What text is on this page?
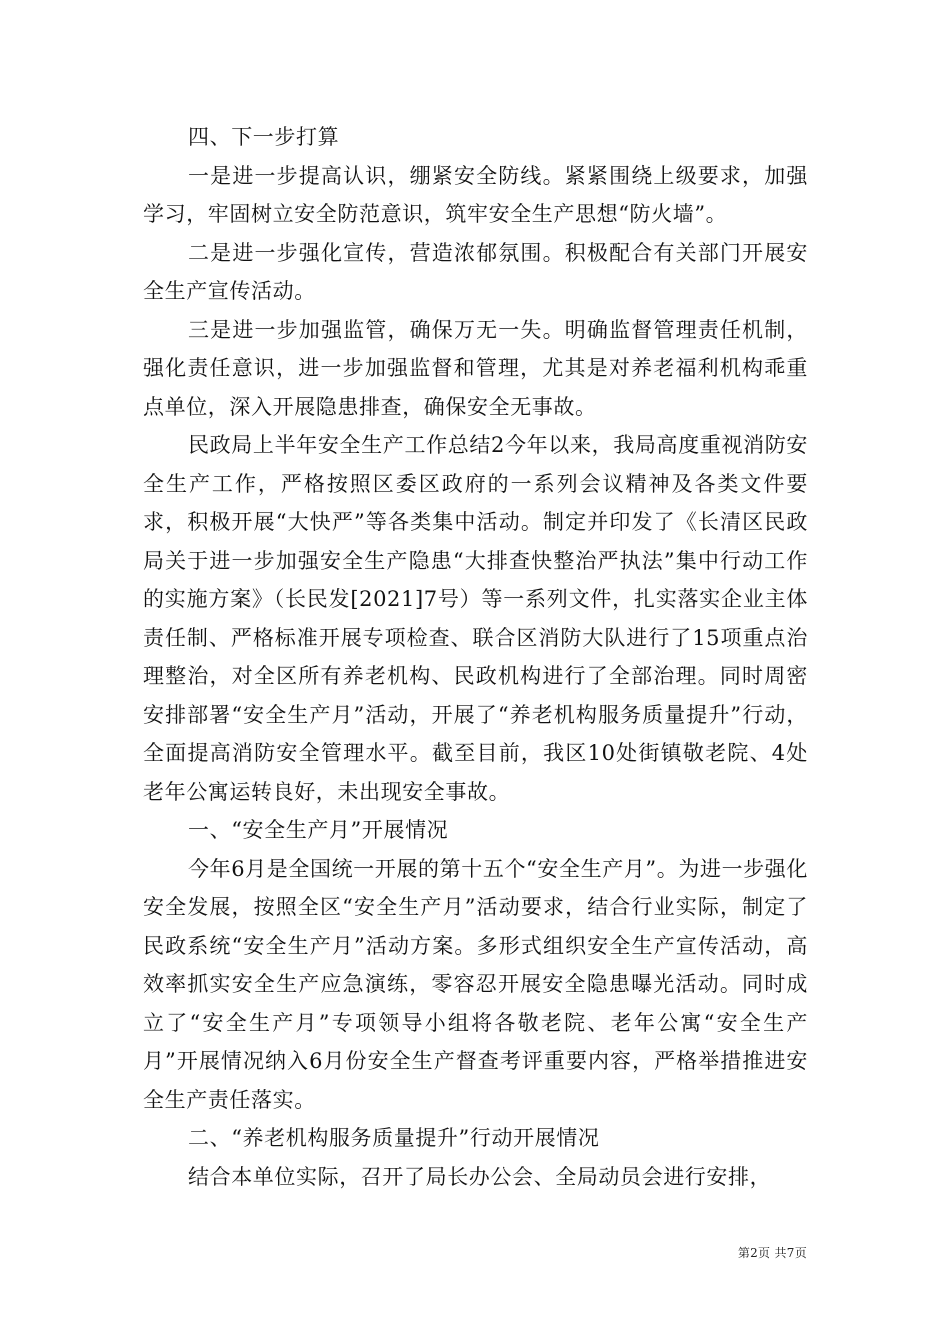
四、下一步打算

一是进一步提高认识，绷紧安全防线。紧紧围绕上级要求，加强学习，牢固树立安全防范意识，筑牢安全生产思想“防火墙”。

二是进一步强化宣传，营造浓郁氛围。积极配合有关部门开展安全生产宣传活动。

三是进一步加强监管，确保万无一失。明确监督管理责任机制，强化责任意识，进一步加强监督和管理，尤其是对养老福利机构乖重点单位，深入开展隐患排查，确保安全无事故。

民政局上半年安全生产工作总结2今年以来，我局高度重视消防安全生产工作，严格按照区委区政府的一系列会议精神及各类文件要求，积极开展“大快严”等各类集中活动。制定并印发了《长清区民政局关于进一步加强安全生产隐患“大排查快整治严执法”集中行动工作的实施方案》（长民发[2021]7号）等一系列文件，扎实落实企业主体责任制、严格标准开展专项检查、联合区消防大队进行了15项重点治理整治，对全区所有养老机构、民政机构进行了全部治理。同时周密安排部署“安全生产月”活动，开展了“养老机构服务质量提升”行动，全面提高消防安全管理水平。截至目前，我区10处街镇敬老院、4处老年公寓运转良好，未出现安全事故。

一、“安全生产月”开展情况

今年6月是全国统一开展的第十五个“安全生产月”。为进一步强化安全发展，按照全区“安全生产月”活动要求，结合行业实际，制定了民政系统“安全生产月”活动方案。多形式组织安全生产宣传活动，高效率抓实安全生产应急演练，零容忍开展安全隐患曝光活动。同时成立了“安全生产月”专项领导小组将各敬老院、老年公寓“安全生产月”开展情况纳入6月份安全生产督查考评重要内容，严格举措推进安全生产责任落实。

二、“养老机构服务质量提升”行动开展情况

结合本单位实际，召开了局长办公会、全局动员会进行安排，

第2页 共7页
